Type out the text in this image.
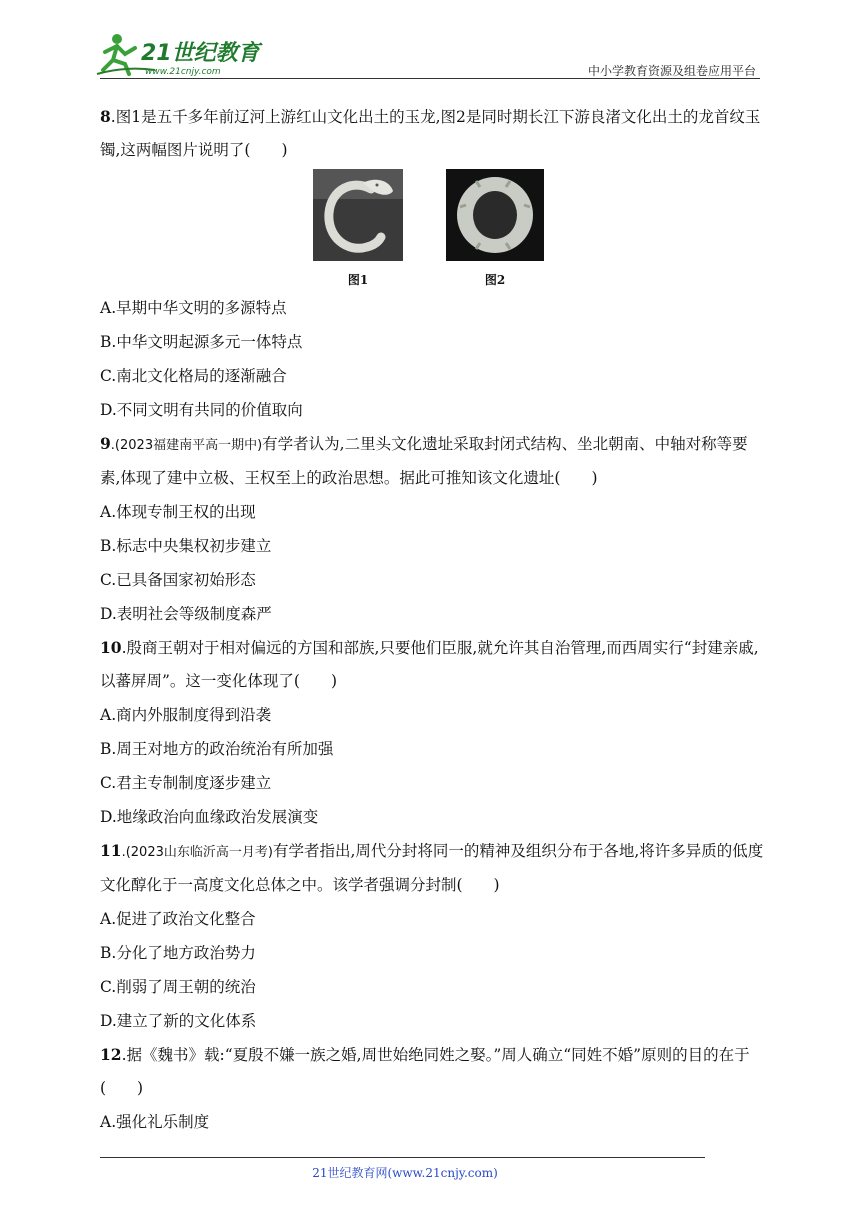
21世纪教育
www.21cnjy.com	中小学教育资源及组卷应用平台

8.图1是五千多年前辽河上游红山文化出土的玉龙,图2是同时期长江下游良渚文化出土的龙首纹玉镯,这两幅图片说明了(　　)

图1	图2

A.早期中华文明的多源特点

B.中华文明起源多元一体特点

C.南北文化格局的逐渐融合

D.不同文明有共同的价值取向

9.(2023福建南平高一期中)有学者认为,二里头文化遗址采取封闭式结构、坐北朝南、中轴对称等要素,体现了建中立极、王权至上的政治思想。据此可推知该文化遗址(　　)

A.体现专制王权的出现

B.标志中央集权初步建立

C.已具备国家初始形态

D.表明社会等级制度森严

10.殷商王朝对于相对偏远的方国和部族,只要他们臣服,就允许其自治管理,而西周实行“封建亲戚,以蕃屏周”。这一变化体现了(　　)

A.商内外服制度得到沿袭

B.周王对地方的政治统治有所加强

C.君主专制制度逐步建立

D.地缘政治向血缘政治发展演变

11.(2023山东临沂高一月考)有学者指出,周代分封将同一的精神及组织分布于各地,将许多异质的低度文化醇化于一高度文化总体之中。该学者强调分封制(　　)

A.促进了政治文化整合

B.分化了地方政治势力

C.削弱了周王朝的统治

D.建立了新的文化体系

12.据《魏书》载:“夏殷不嫌一族之婚,周世始绝同姓之娶。”周人确立“同姓不婚”原则的目的在于(　　)

A.强化礼乐制度

21世纪教育网(www.21cnjy.com)
